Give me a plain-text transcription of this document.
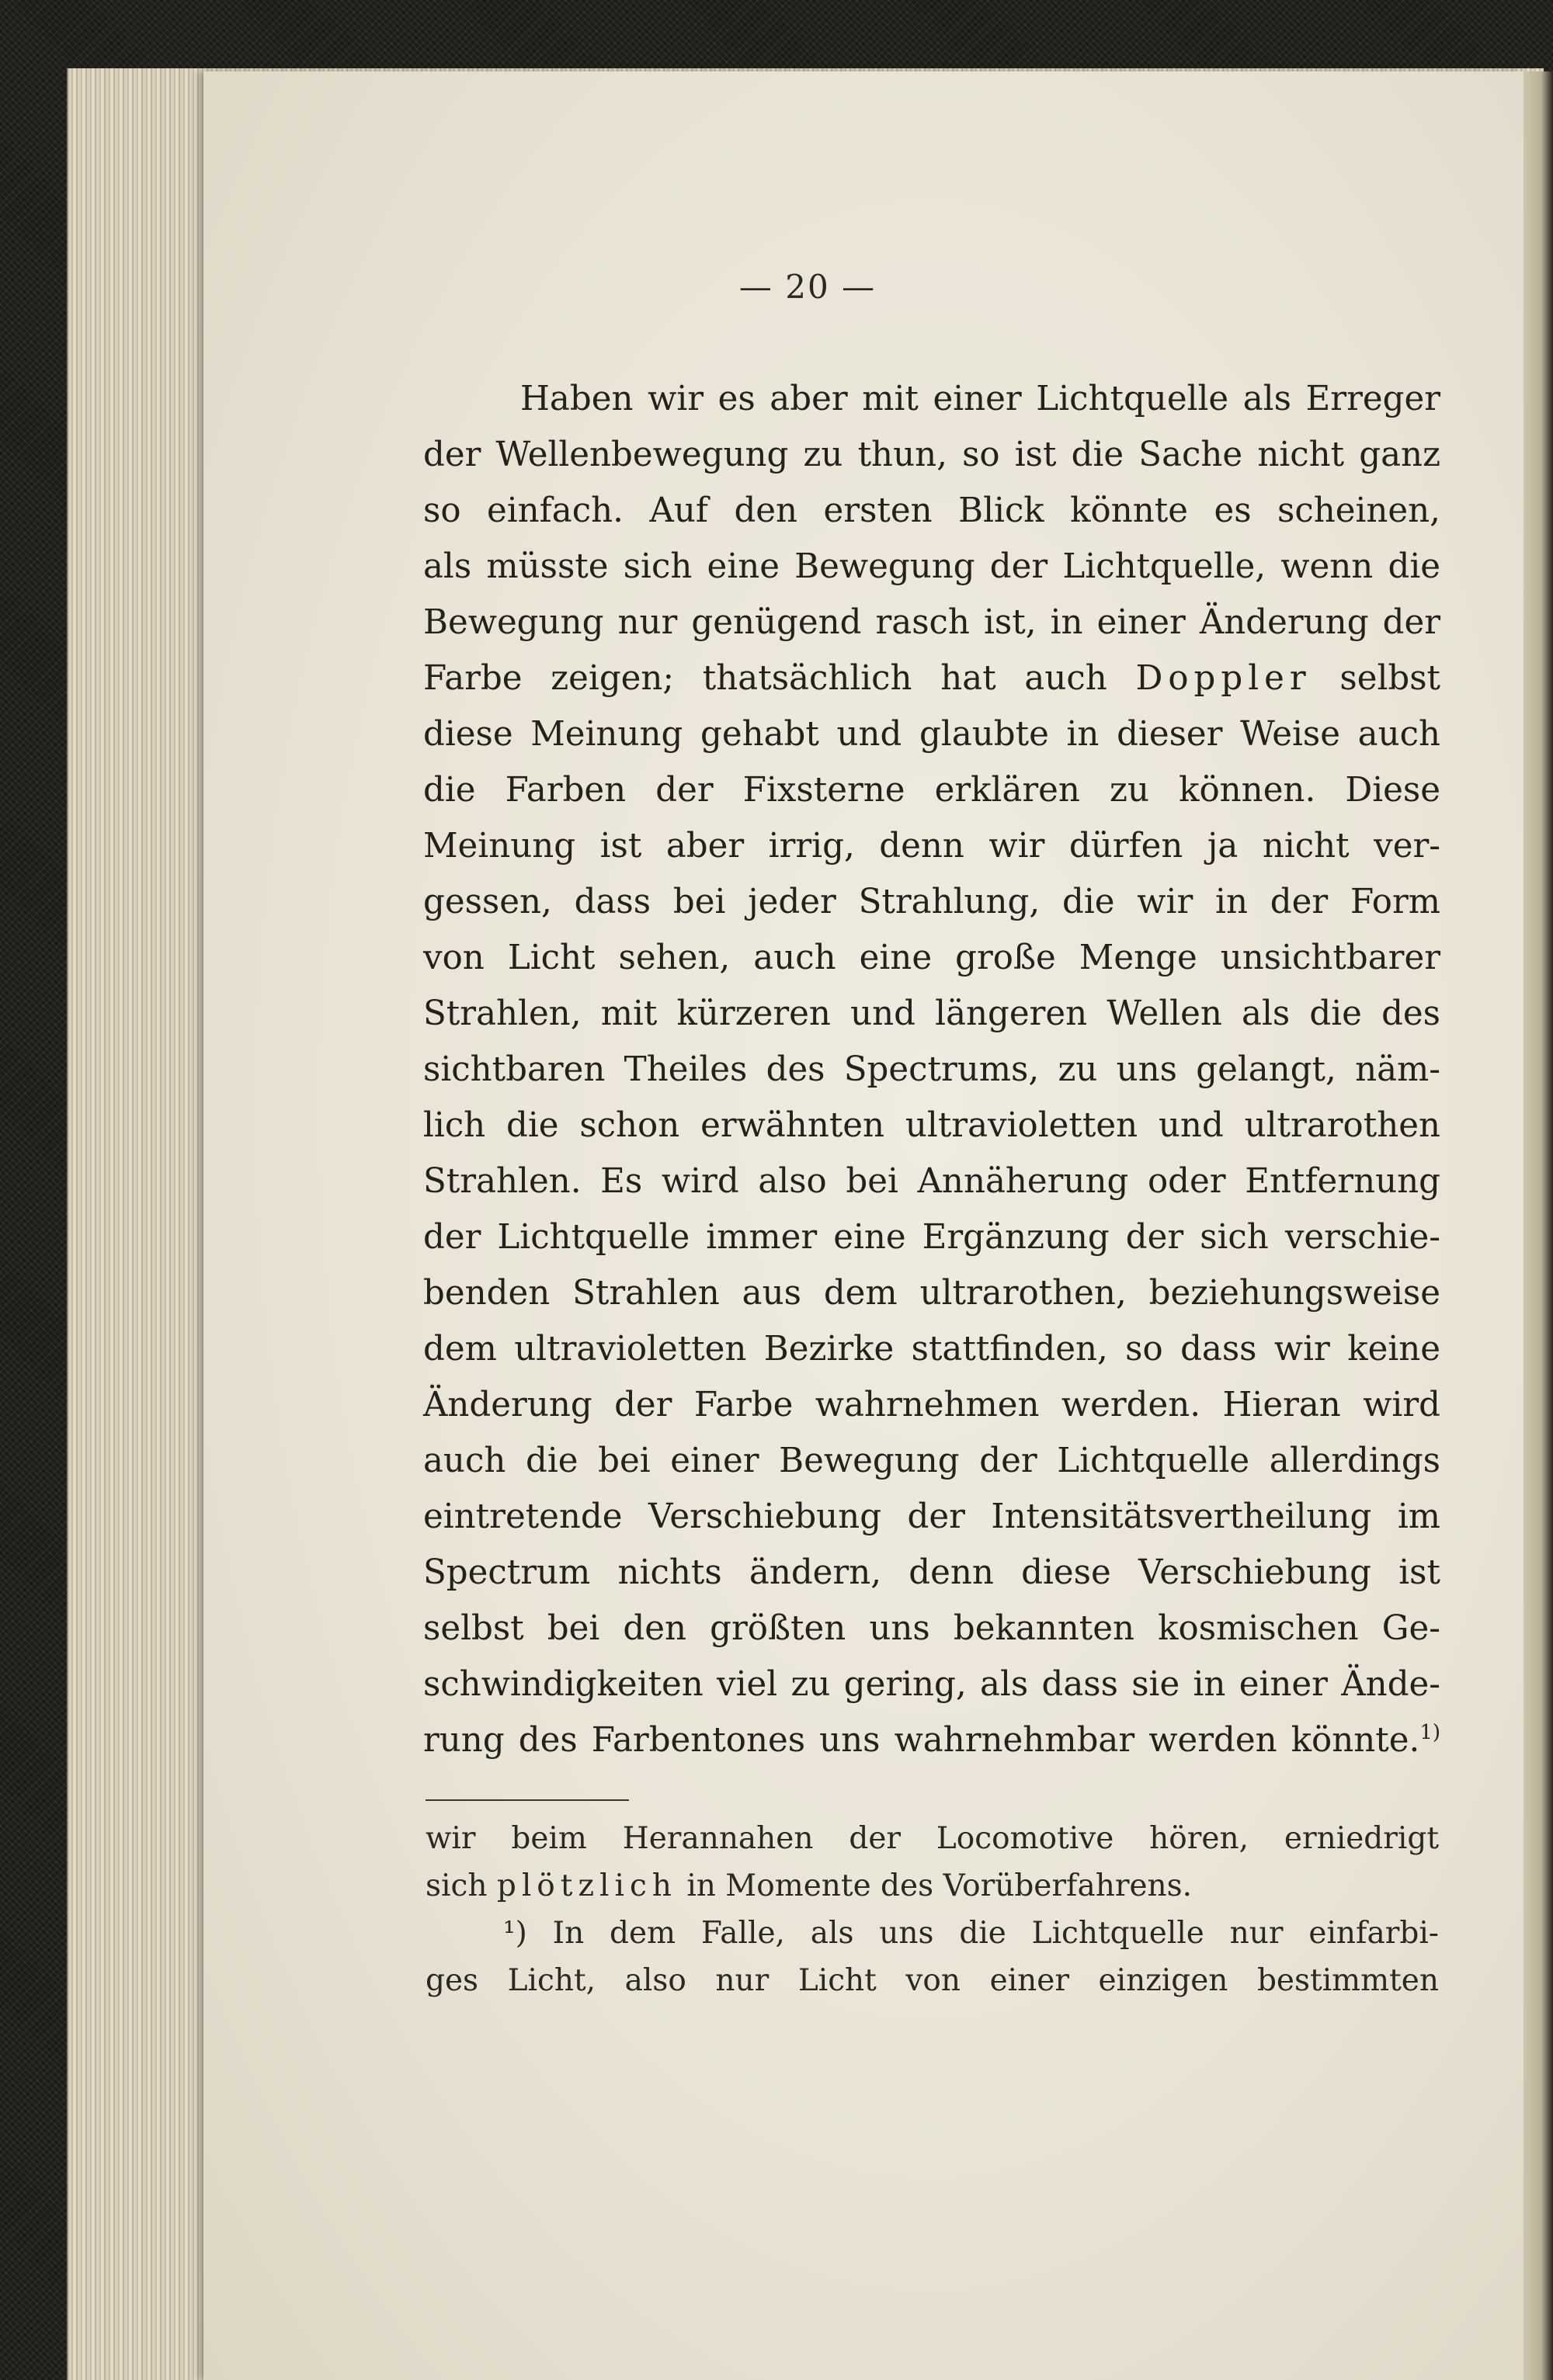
— 20 —
Haben wir es aber mit einer Lichtquelle als Erreger
der Wellenbewegung zu thun, so ist die Sache nicht ganz
so einfach. Auf den ersten Blick könnte es scheinen,
als müsste sich eine Bewegung der Lichtquelle, wenn die
Bewegung nur genügend rasch ist, in einer Änderung der
Farbe zeigen; thatsächlich hat auch Doppler selbst
diese Meinung gehabt und glaubte in dieser Weise auch
die Farben der Fixsterne erklären zu können. Diese
Meinung ist aber irrig, denn wir dürfen ja nicht ver-
gessen, dass bei jeder Strahlung, die wir in der Form
von Licht sehen, auch eine große Menge unsichtbarer
Strahlen, mit kürzeren und längeren Wellen als die des
sichtbaren Theiles des Spectrums, zu uns gelangt, näm-
lich die schon erwähnten ultravioletten und ultrarothen
Strahlen. Es wird also bei Annäherung oder Entfernung
der Lichtquelle immer eine Ergänzung der sich verschie-
benden Strahlen aus dem ultrarothen, beziehungsweise
dem ultravioletten Bezirke stattfinden, so dass wir keine
Änderung der Farbe wahrnehmen werden. Hieran wird
auch die bei einer Bewegung der Lichtquelle allerdings
eintretende Verschiebung der Intensitätsvertheilung im
Spectrum nichts ändern, denn diese Verschiebung ist
selbst bei den größten uns bekannten kosmischen Ge-
schwindigkeiten viel zu gering, als dass sie in einer Ände-
rung des Farbentones uns wahrnehmbar werden könnte.$^{1)}$
wir beim Herannahen der Locomotive hören, erniedrigt
sich plötzlich in Momente des Vorüberfahrens.
¹) In dem Falle, als uns die Lichtquelle nur einfarbi-
ges Licht, also nur Licht von einer einzigen bestimmten
